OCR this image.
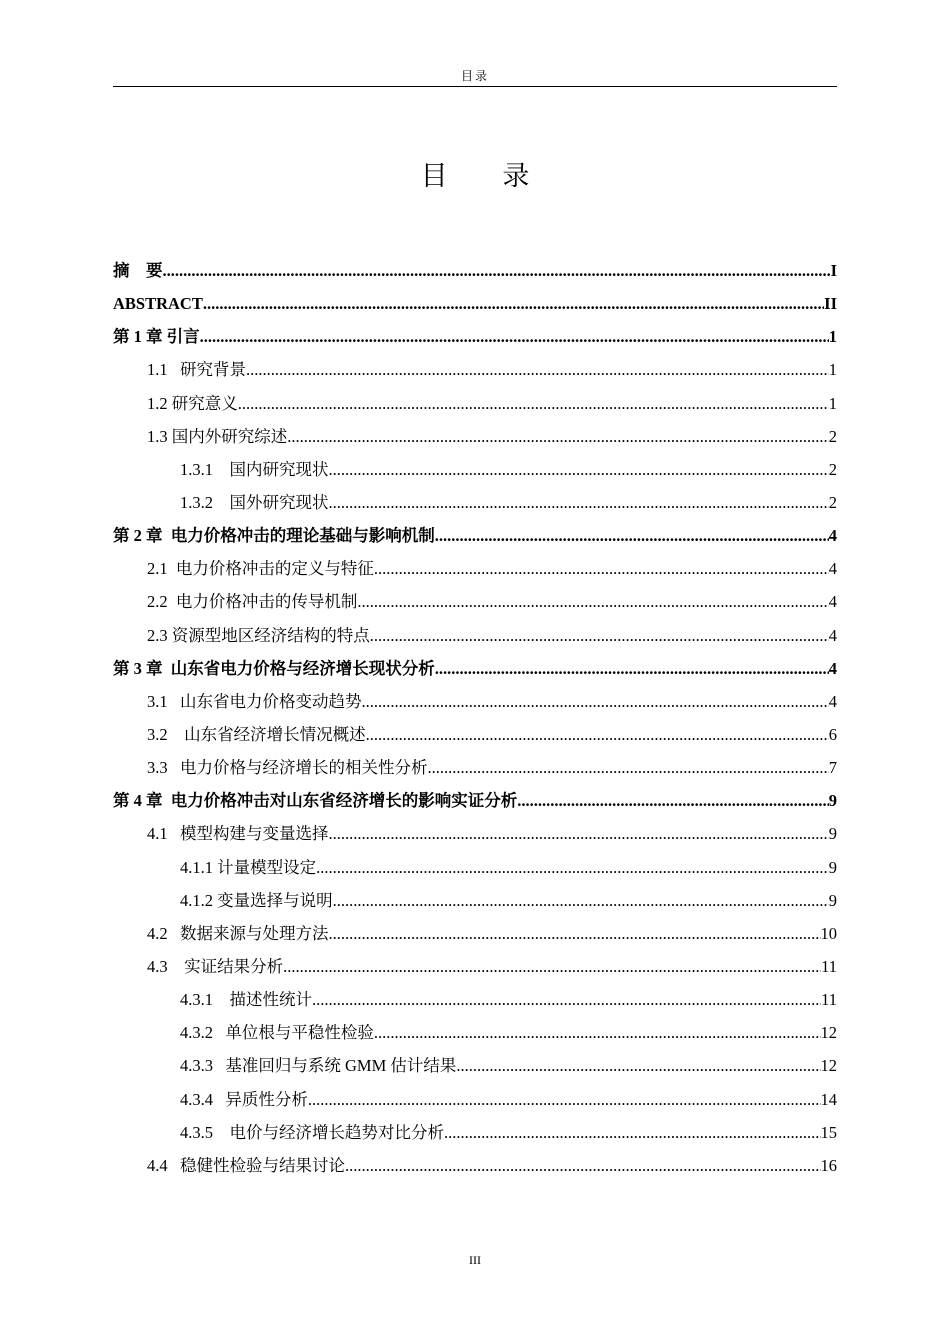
目录
目 录
摘　要 .....	I
ABSTRACT .....	II
第 1 章 引言 .....	1
1.1   研究背景 .....	1
1.2 研究意义 .....	1
1.3 国内外研究综述 .....	2
1.3.1    国内研究现状 .....	2
1.3.2    国外研究现状 .....	2
第 2 章  电力价格冲击的理论基础与影响机制 .....	4
2.1  电力价格冲击的定义与特征 .....	4
2.2  电力价格冲击的传导机制 .....	4
2.3 资源型地区经济结构的特点 .....	4
第 3 章  山东省电力价格与经济增长现状分析 .....	4
3.1   山东省电力价格变动趋势 .....	4
3.2    山东省经济增长情况概述 .....	6
3.3   电力价格与经济增长的相关性分析 .....	7
第 4 章  电力价格冲击对山东省经济增长的影响实证分析 .....	9
4.1   模型构建与变量选择 .....	9
4.1.1 计量模型设定 .....	9
4.1.2 变量选择与说明 .....	9
4.2   数据来源与处理方法 .....	10
4.3    实证结果分析 .....	11
4.3.1    描述性统计 .....	11
4.3.2   单位根与平稳性检验 .....	12
4.3.3   基准回归与系统 GMM 估计结果 .....	12
4.3.4   异质性分析 .....	14
4.3.5    电价与经济增长趋势对比分析 .....	15
4.4   稳健性检验与结果讨论 .....	16
III
